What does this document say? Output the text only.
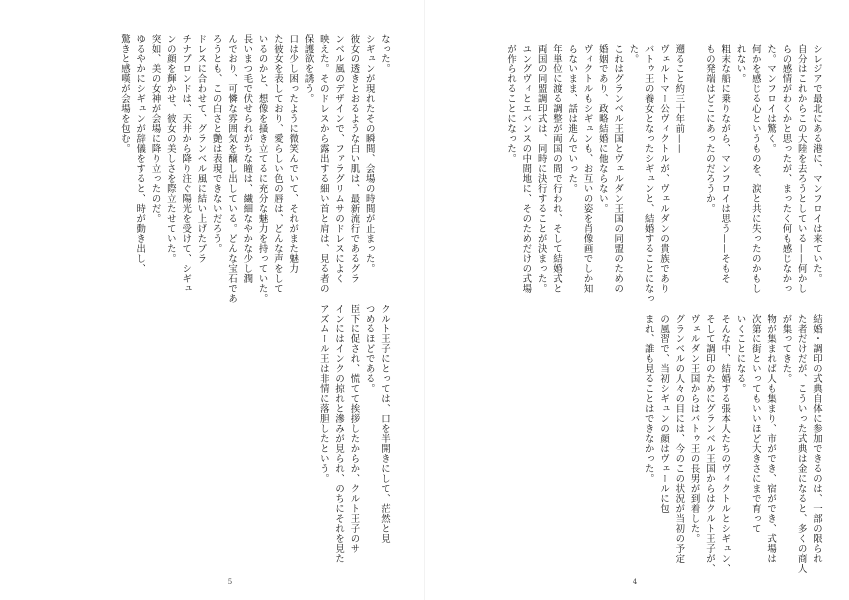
なった。
シギュンが現れたその瞬間、会場の時間が止まった。
彼女の透きとおるような白い肌は、最新流行であるグラ
ンベル風のデザインで、ファラグリムサのドレスによく
映えた。そのドレスから露出する細い首と肩は、見る者の
保護欲を誘う。
口は少し困ったように微笑んでいて、それがまた魅力
た彼女を表しており、愛らしい色の唇は、どんな声をして
いるのかと、想像を掻き立てるに充分な魅力を持っていた。
長いまつ毛で伏せられがちな瞳は、繊細なやかな少し潤
んでおり、可憐な雰囲気を醸し出している。どんな宝石であ
ろうとも、この白さと艶は表現できないだろう。
ドレスに合わせて、グランベル風に結い上げたプラ
チナブロンドは、天井から降り注ぐ陽光を受けて、シギュ
ンの顔を輝かせ、彼女の美しさを際立たせていた。
突如、美の女神が会場に降り立ったのだ。
ゆるやかにシギュンが辞儀をすると、時が動き出し、
驚きと感嘆が会場を包む。
クルト王子にとっては、口を半開きにして、茫然と見
つめるほどである。
臣下に促され、慌てて挨拶したからか、クルト王子のサ
インにはインクの掠れと滲みが見られ、のちにそれを見た
アズムール王は非情に落胆したという。
5
シレジアで最北にある港に、マンフロイは来ていた。
自分はこれからこの大陸を去ろうとしている——何かし
らの感情がわくかと思ったが、まったく何も感じなかっ
た。マンフロイは驚く。
何かを感じる心というものを、涙と共に失ったのかもし
れない。
粗末な船に乗りながら、マンフロイは思う——そもそ
もの発端はどこにあったのだろうか。

遡ること約三十年前——
ヴェルトマー公ヴィクトルが、ヴェルダンの貴族であり
バトゥ王の養女となったシギュンと、結婚することになっ
た。
これはグランベル王国とヴェルダン王国の同盟のための
婚姻であり、政略結婚に他ならない。
ヴィクトルもシギュンも、お互いの姿を肖像画でしか知
らないまま、話は進んでいった。
年単位に渡る調整が両国の間で行われ、そして結婚式と
両国の同盟調印式は、同時に決行することが決まった。
ユングヴィとエバンスの中間地に、そのためだけの式場
が作られることになった。
結婚・調印の式典自体に参加できるのは、一部の限られ
た者だけだが、こういった式典は金になると、多くの商人
が集ってきた。
物が集まれば人も集まり、市ができ、宿ができ、式場は
次第に街といってもいいほど大きさにまで育って
いくことになる。
そんな中、結婚する張本人たちのヴィクトルとシギュン、
そして調印のためにグランベル王国からはクルト王子が、
ヴェルダン王国からはバトゥ王の長男が到着した。
グランベルの人々の目には、今のこの状況が当初の予定
の風習で、当初シギュンの顔はヴェールに包
まれ、誰も見ることはできなかった。
4
